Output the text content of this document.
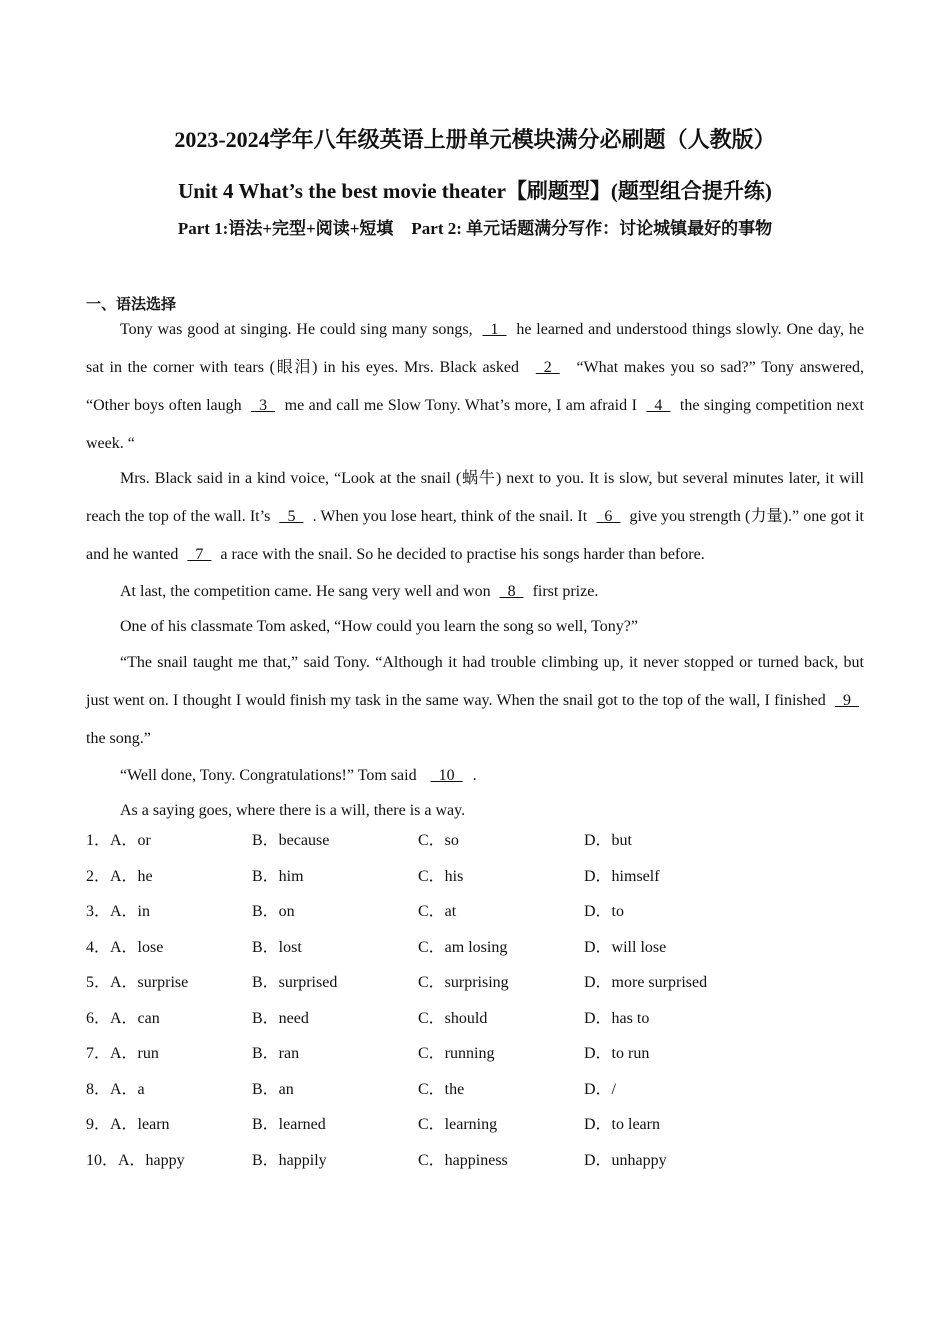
2023-2024学年八年级英语上册单元模块满分必刷题（人教版）
Unit 4 What’s the best movie theater【刷题型】(题型组合提升练)
Part 1:语法+完型+阅读+短填 Part 2: 单元话题满分写作：讨论城镇最好的事物
一、语法选择

Tony was good at singing. He could sing many songs,   1   he learned and understood things slowly. One day, he sat in the corner with tears (眼泪) in his eyes. Mrs. Black asked   2   “What makes you so sad?” Tony answered, “Other boys often laugh   3   me and call me Slow Tony. What’s more, I am afraid I   4   the singing competition next week. “

Mrs. Black said in a kind voice, “Look at the snail (蜗牛) next to you. It is slow, but several minutes later, it will reach the top of the wall. It’s   5   . When you lose heart, think of the snail. It   6   give you strength (力量).” one got it and he wanted   7   a race with the snail. So he decided to practise his songs harder than before.

At last, the competition came. He sang very well and won   8   first prize.

One of his classmate Tom asked, “How could you learn the song so well, Tony?”

“The snail taught me that,” said Tony. “Although it had trouble climbing up, it never stopped or turned back, but just went on. I thought I would finish my task in the same way. When the snail got to the top of the wall, I finished   9   the song.”

“Well done, Tony. Congratulations!” Tom said   10  .

As a saying goes, where there is a will, there is a way.

1．A．or	B．because	C．so	D．but
2．A．he	B．him	C．his	D．himself
3．A．in	B．on	C．at	D．to
4．A．lose	B．lost	C．am losing	D．will lose
5．A．surprise	B．surprised	C．surprising	D．more surprised
6．A．can	B．need	C．should	D．has to
7．A．run	B．ran	C．running	D．to run
8．A．a	B．an	C．the	D．/
9．A．learn	B．learned	C．learning	D．to learn
10．A．happy	B．happily	C．happiness	D．unhappy
